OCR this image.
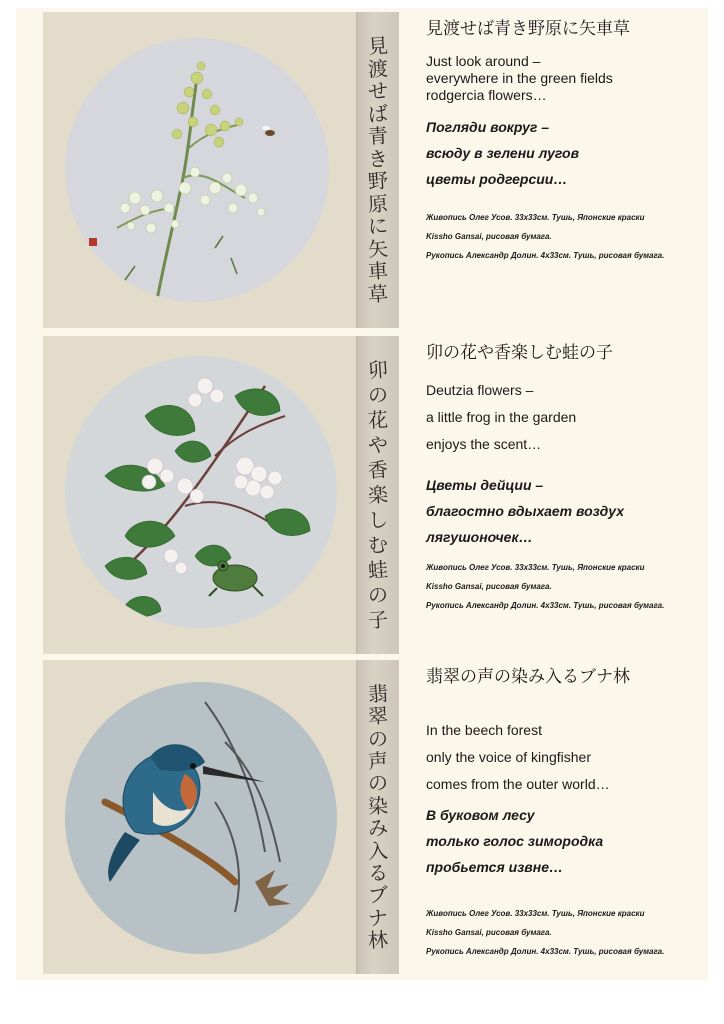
見
渡
せ
ば
青
き
野
原
に
矢
車
草

見渡せば青き野原に矢車草

Just look around –

everywhere in the green fields

rodgercia flowers…

Погляди вокруг –

всюду в зелени лугов

цветы родгерсии…

Живопись Олег Усов. 33х33см. Тушь, Японские краски

Kissho Gansai, рисовая бумага.

Рукопись Александр Долин. 4х33см. Тушь, рисовая бумага.

卯
の
花
や
香
楽
し
む
蛙
の
子

卯の花や香楽しむ蛙の子

Deutzia flowers –

a little frog in the garden

enjoys the scent…

Цветы дейции –

благостно вдыхает воздух

лягушоночек…

Живопись Олег Усов. 33х33см. Тушь, Японские краски

Kissho Gansai, рисовая бумага.

Рукопись Александр Долин. 4х33см. Тушь, рисовая бумага.

翡
翠
の
声
の
染
み
入
る
ブ
ナ
林

翡翠の声の染み入るブナ林

In the beech forest

only the voice of kingfisher

comes from the outer world…

В буковом лесу

только голос зимородка

пробьется извне…

Живопись Олег Усов. 33х33см. Тушь, Японские краски

Kissho Gansai, рисовая бумага.

Рукопись Александр Долин. 4х33см. Тушь, рисовая бумага.
